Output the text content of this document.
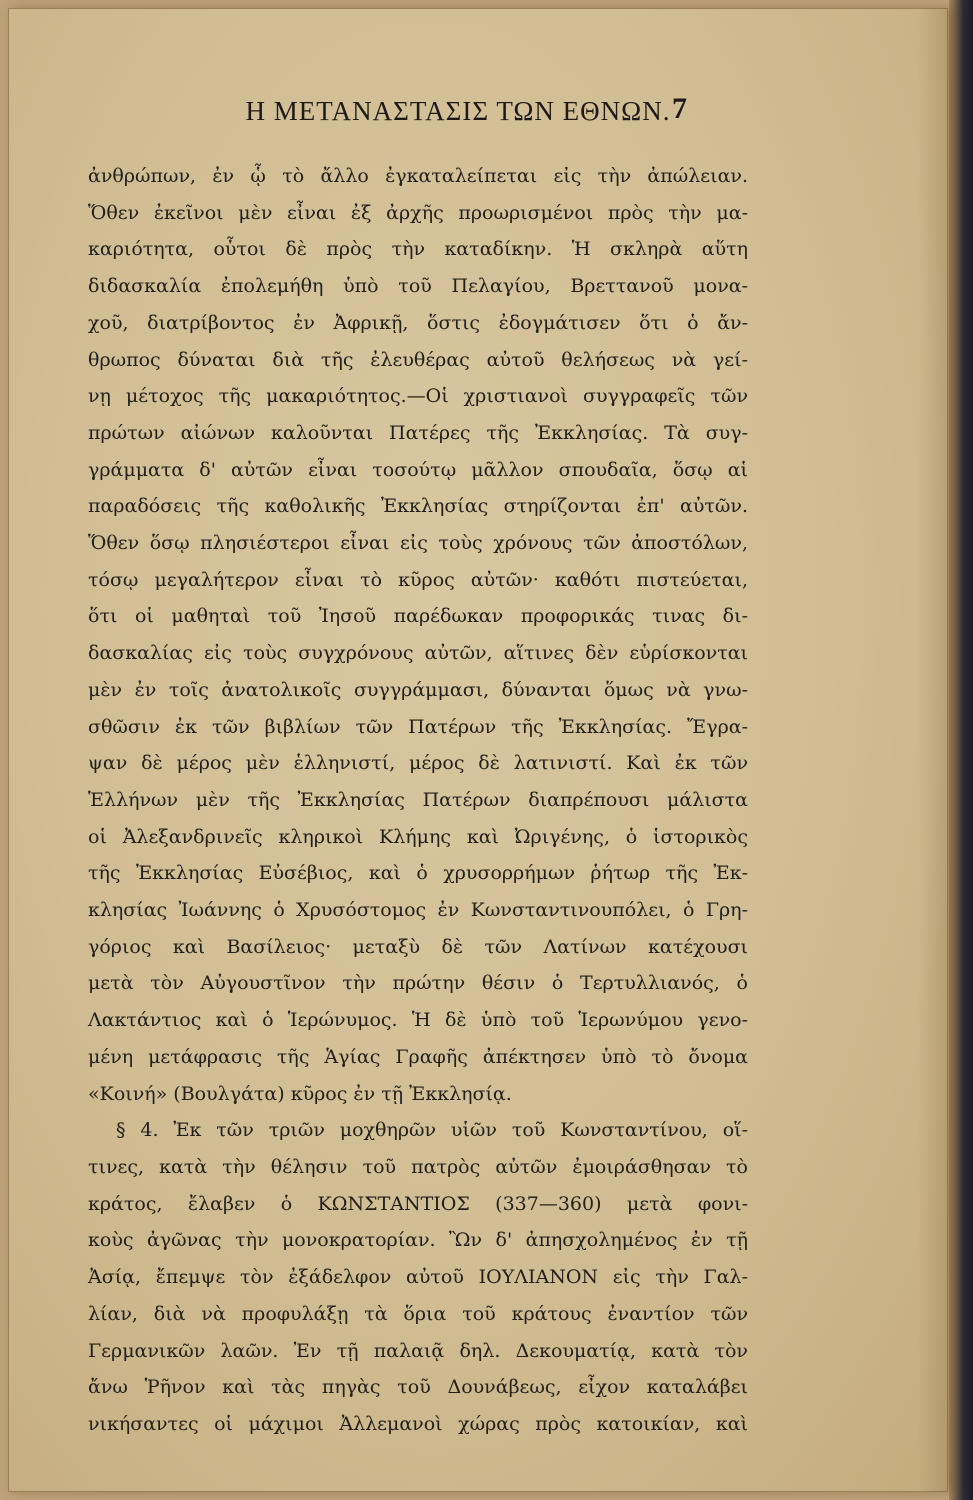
Η ΜΕΤΑΝΑΣΤΑΣΙΣ ΤΩΝ ΕΘΝΩΝ. 7
ἀνθρώπων, ἐν ᾧ τὸ ἄλλο ἐγκαταλείπεται εἰς τὴν ἀπώλειαν.
Ὅθεν ἐκεῖνοι μὲν εἶναι ἐξ ἀρχῆς προωρισμένοι πρὸς τὴν μα-
καριότητα, οὗτοι δὲ πρὸς τὴν καταδίκην. Ἡ σκληρὰ αὕτη
διδασκαλία ἐπολεμήθη ὑπὸ τοῦ Πελαγίου, Βρεττανοῦ μονα-
χοῦ, διατρίβοντος ἐν Ἀφρικῇ, ὅστις ἐδογμάτισεν ὅτι ὁ ἄν-
θρωπος δύναται διὰ τῆς ἐλευθέρας αὐτοῦ θελήσεως νὰ γεί-
νῃ μέτοχος τῆς μακαριότητος.—Οἱ χριστιανοὶ συγγραφεῖς τῶν
πρώτων αἰώνων καλοῦνται Πατέρες τῆς Ἐκκλησίας. Τὰ συγ-
γράμματα δ' αὐτῶν εἶναι τοσούτῳ μᾶλλον σπουδαῖα, ὅσῳ αἱ
παραδόσεις τῆς καθολικῆς Ἐκκλησίας στηρίζονται ἐπ' αὐτῶν.
Ὅθεν ὅσῳ πλησιέστεροι εἶναι εἰς τοὺς χρόνους τῶν ἀποστόλων,
τόσῳ μεγαλήτερον εἶναι τὸ κῦρος αὐτῶν· καθότι πιστεύεται,
ὅτι οἱ μαθηταὶ τοῦ Ἰησοῦ παρέδωκαν προφορικάς τινας δι-
δασκαλίας εἰς τοὺς συγχρόνους αὐτῶν, αἵτινες δὲν εὑρίσκονται
μὲν ἐν τοῖς ἀνατολικοῖς συγγράμμασι, δύνανται ὅμως νὰ γνω-
σθῶσιν ἐκ τῶν βιβλίων τῶν Πατέρων τῆς Ἐκκλησίας. Ἔγρα-
ψαν δὲ μέρος μὲν ἑλληνιστί, μέρος δὲ λατινιστί. Καὶ ἐκ τῶν
Ἑλλήνων μὲν τῆς Ἐκκλησίας Πατέρων διαπρέπουσι μάλιστα
οἱ Ἀλεξανδρινεῖς κληρικοὶ Κλήμης καὶ Ὠριγένης, ὁ ἱστορικὸς
τῆς Ἐκκλησίας Εὐσέβιος, καὶ ὁ χρυσορρήμων ῥήτωρ τῆς Ἐκ-
κλησίας Ἰωάννης ὁ Χρυσόστομος ἐν Κωνσταντινουπόλει, ὁ Γρη-
γόριος καὶ Βασίλειος· μεταξὺ δὲ τῶν Λατίνων κατέχουσι
μετὰ τὸν Αὐγουστῖνον τὴν πρώτην θέσιν ὁ Τερτυλλιανός, ὁ
Λακτάντιος καὶ ὁ Ἱερώνυμος. Ἡ δὲ ὑπὸ τοῦ Ἱερωνύμου γενο-
μένη μετάφρασις τῆς Ἁγίας Γραφῆς ἀπέκτησεν ὑπὸ τὸ ὄνομα
«Κοινή» (Βουλγάτα) κῦρος ἐν τῇ Ἐκκλησίᾳ.
§ 4. Ἐκ τῶν τριῶν μοχθηρῶν υἱῶν τοῦ Κωνσταντίνου, οἵ-
τινες, κατὰ τὴν θέλησιν τοῦ πατρὸς αὐτῶν ἐμοιράσθησαν τὸ
κράτος, ἔλαβεν ὁ ΚΩΝΣΤΑΝΤΙΟΣ (337—360) μετὰ φονι-
κοὺς ἀγῶνας τὴν μονοκρατορίαν. Ὢν δ' ἀπησχολημένος ἐν τῇ
Ἀσίᾳ, ἔπεμψε τὸν ἐξάδελφον αὐτοῦ ΙΟΥΛΙΑΝΟΝ εἰς τὴν Γαλ-
λίαν, διὰ νὰ προφυλάξῃ τὰ ὅρια τοῦ κράτους ἐναντίον τῶν
Γερμανικῶν λαῶν. Ἐν τῇ παλαιᾷ δηλ. Δεκουματίᾳ, κατὰ τὸν
ἄνω Ῥῆνον καὶ τὰς πηγὰς τοῦ Δουνάβεως, εἶχον καταλάβει
νικήσαντες οἱ μάχιμοι Ἀλλεμανοὶ χώρας πρὸς κατοικίαν, καὶ
